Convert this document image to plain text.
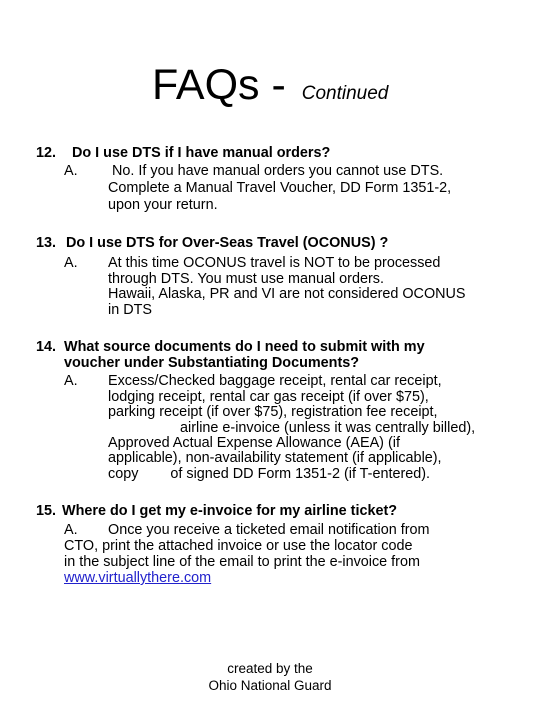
FAQs - Continued
12. Do I use DTS if I have manual orders?
A. No. If you have manual orders you cannot use DTS.
Complete a Manual Travel Voucher, DD Form 1351-2,
upon your return.
13. Do I use DTS for Over-Seas Travel (OCONUS) ?
A. At this time OCONUS travel is NOT to be processed
through DTS. You must use manual orders.
Hawaii, Alaska, PR and VI are not considered OCONUS
in DTS
14. What source documents do I need to submit with my
voucher under Substantiating Documents?
A. Excess/Checked baggage receipt, rental car receipt,
lodging receipt, rental car gas receipt (if over $75),
parking receipt (if over $75), registration fee receipt,
airline e-invoice (unless it was centrally billed),
Approved Actual Expense Allowance (AEA) (if
applicable), non-availability statement (if applicable),
copy        of signed DD Form 1351-2 (if T-entered).
15. Where do I get my e-invoice for my airline ticket?
A. Once you receive a ticketed email notification from
CTO, print the attached invoice or use the locator code
in the subject line of the email to print the e-invoice from
www.virtuallythere.com
created by the
Ohio National Guard
